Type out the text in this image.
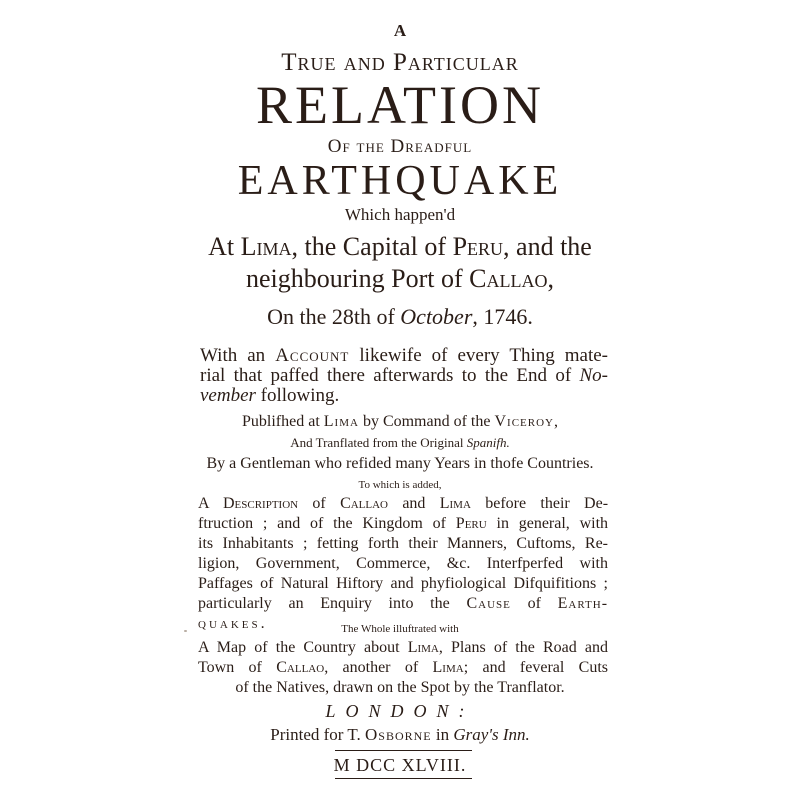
A
True and Particular
RELATION
Of the Dreadful
EARTHQUAKE
Which happen'd
At Lima, the Capital of Peru, and the
neighbouring Port of Callao,
On the 28th of October, 1746.
With an Account likewife of every Thing mate-
rial that paffed there afterwards to the End of No-
vember following.
Publifhed at Lima by Command of the Viceroy,
And Tranflated from the Original Spanifh.
By a Gentleman who refided many Years in thofe Countries.
To which is added,
A Description of Callao and Lima before their De-
ftruction ; and of the Kingdom of Peru in general, with
its Inhabitants ; fetting forth their Manners, Cuftoms, Re-
ligion, Government, Commerce, &c. Interfperfed with
Paffages of Natural Hiftory and phyfiological Difquifitions ;
particularly an Enquiry into the Cause of Earth-
quakes.	The Whole illuftrated with
A Map of the Country about Lima, Plans of the Road and
Town of Callao, another of Lima; and feveral Cuts
of the Natives, drawn on the Spot by the Tranflator.
LONDON:
Printed for T. Osborne in Gray's Inn.
M DCC XLVIII.
